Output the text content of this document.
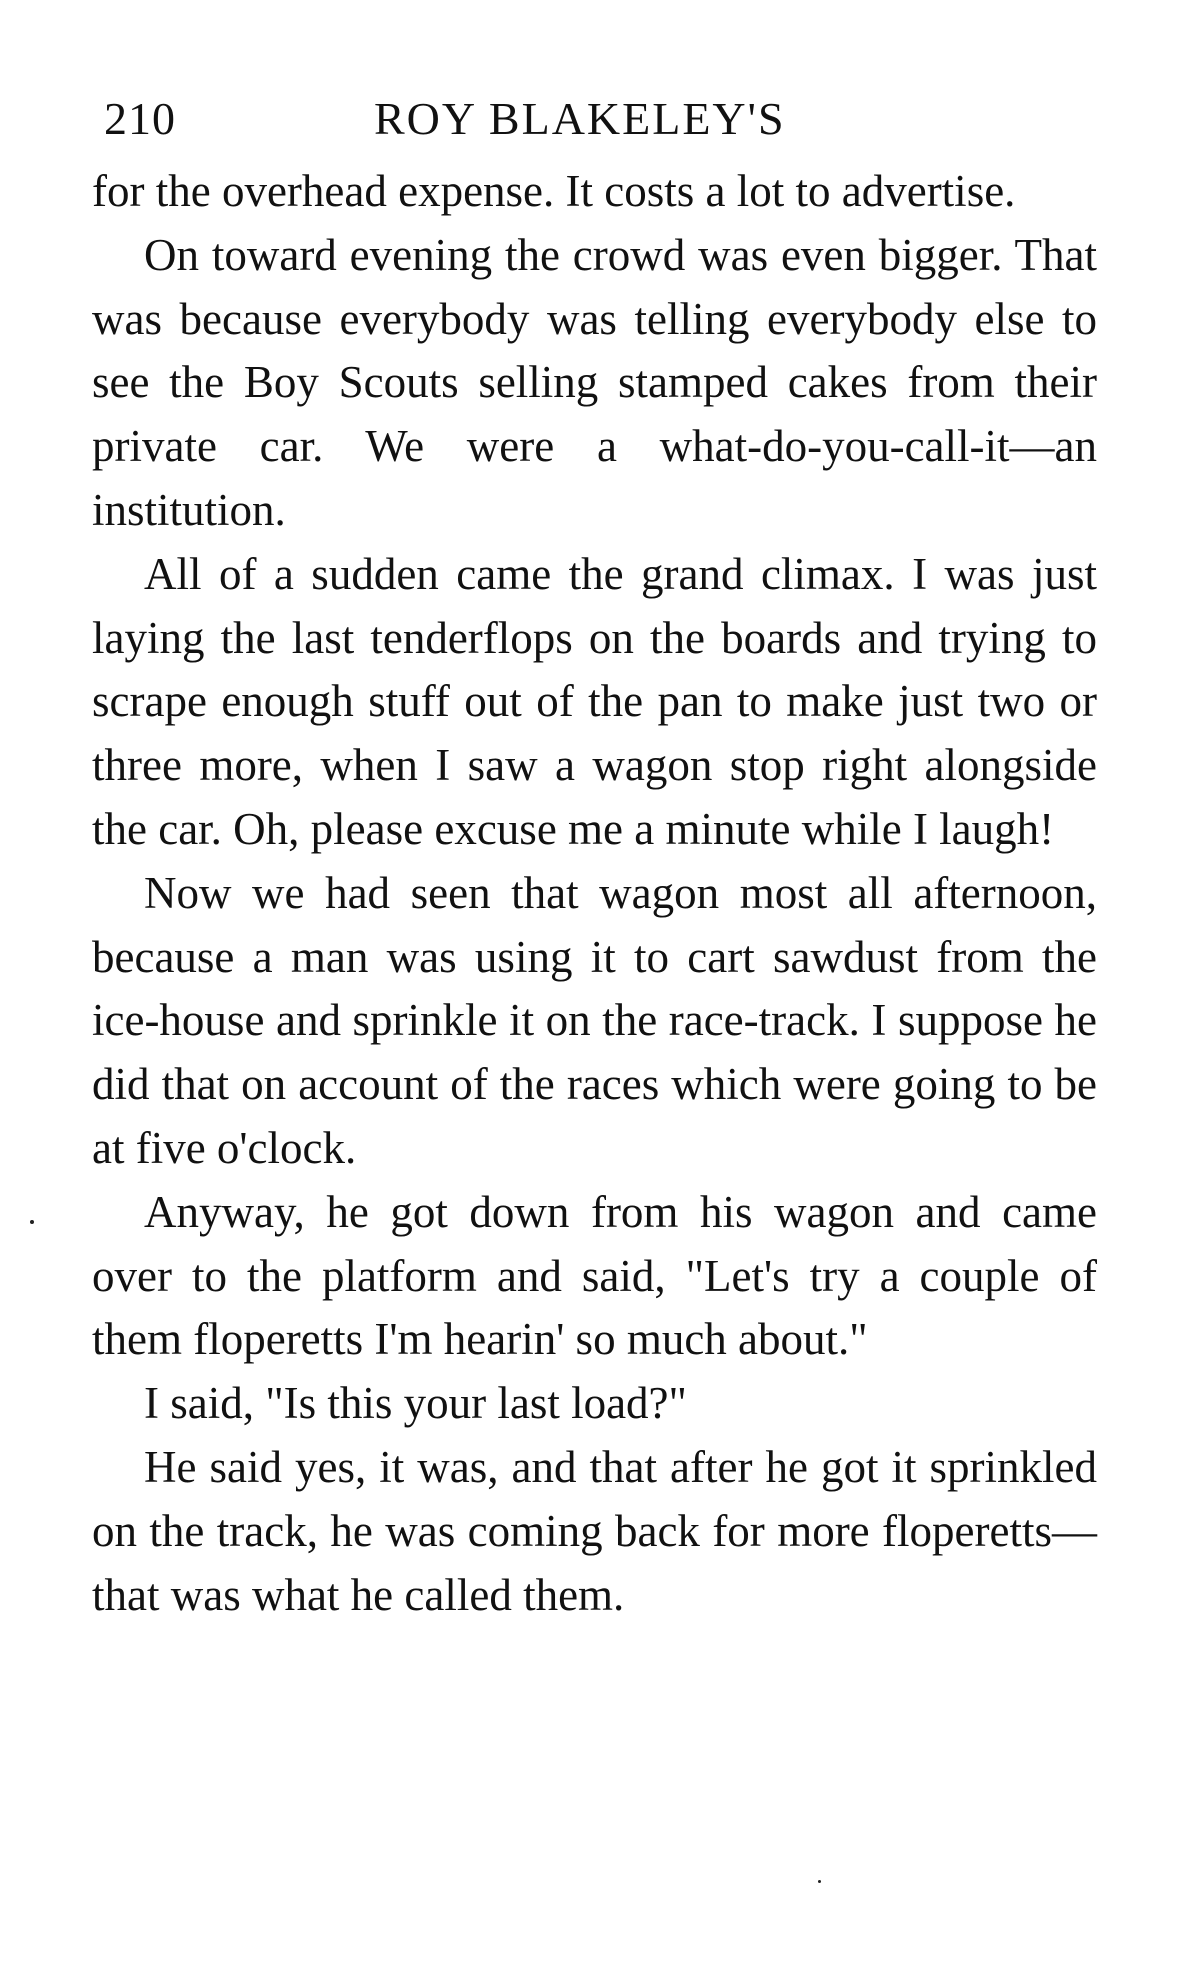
210	ROY BLAKELEY'S

for the overhead expense. It costs a lot to advertise.

On toward evening the crowd was even bigger. That was because everybody was telling everybody else to see the Boy Scouts selling stamped cakes from their private car. We were a what-do-you-call-it—an institution.

All of a sudden came the grand climax. I was just laying the last tenderflops on the boards and trying to scrape enough stuff out of the pan to make just two or three more, when I saw a wagon stop right alongside the car. Oh, please excuse me a minute while I laugh!

Now we had seen that wagon most all afternoon, because a man was using it to cart sawdust from the ice-house and sprinkle it on the race-track. I suppose he did that on account of the races which were going to be at five o'clock.

Anyway, he got down from his wagon and came over to the platform and said, "Let's try a couple of them floperetts I'm hearin' so much about."

I said, "Is this your last load?"

He said yes, it was, and that after he got it sprinkled on the track, he was coming back for more floperetts—that was what he called them.
